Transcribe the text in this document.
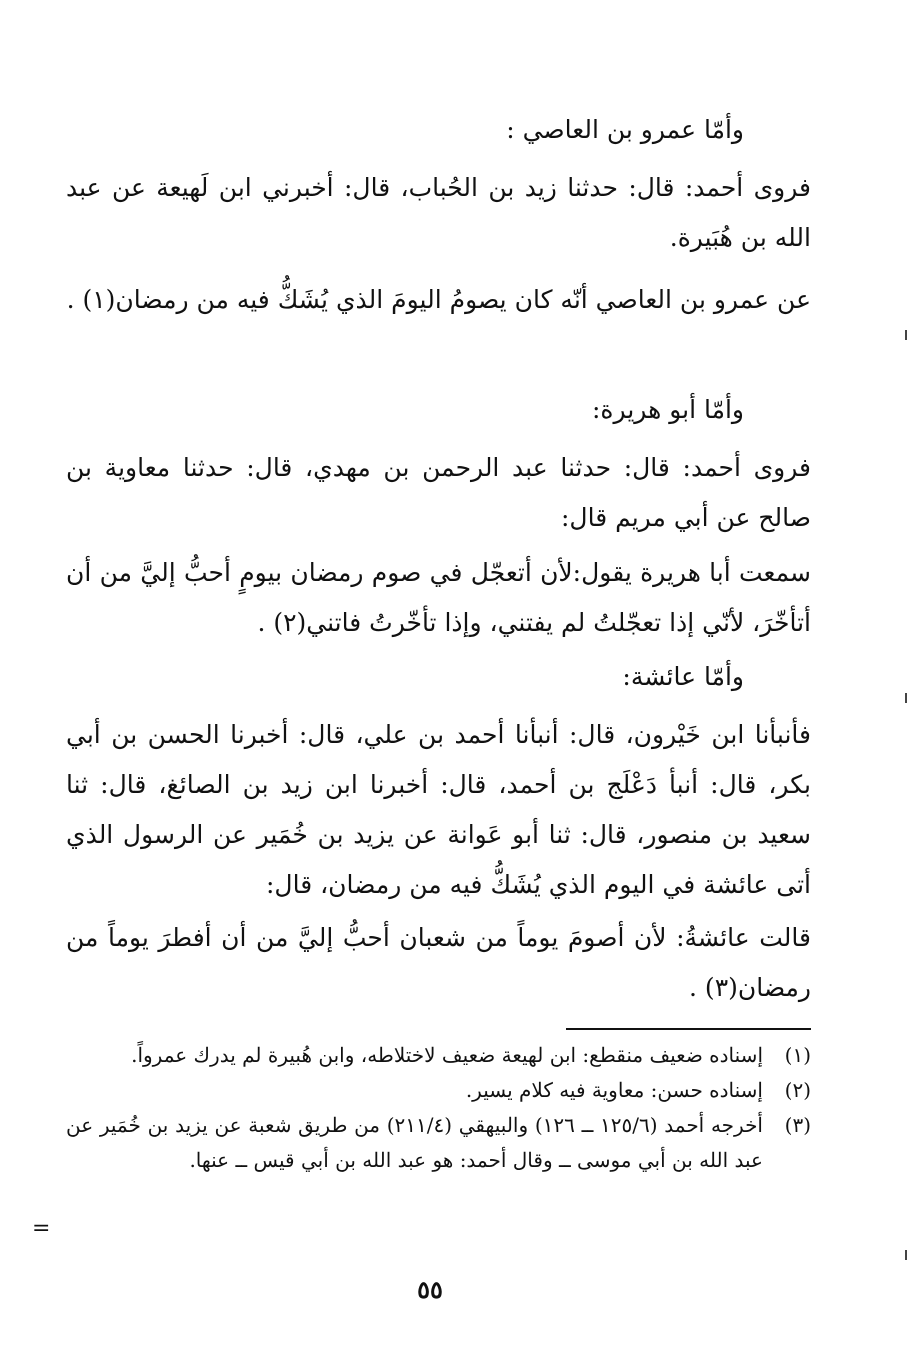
وأمّا عمرو بن العاصي :

فروى أحمد: قال: حدثنا زيد بن الحُباب، قال: أخبرني ابن لَهيعة عن عبد الله بن هُبَيرة.

عن عمرو بن العاصي أنّه كان يصومُ اليومَ الذي يُشَكُّ فيه من رمضان(١) .

وأمّا أبو هريرة:

فروى أحمد: قال: حدثنا عبد الرحمن بن مهدي، قال: حدثنا معاوية بن صالح عن أبي مريم قال:

سمعت أبا هريرة يقول:لأن أتعجّل في صوم رمضان بيومٍ أحبُّ إليَّ من أن أتأخّرَ، لأنّي إذا تعجّلتُ لم يفتني، وإذا تأخّرتُ فاتني(٢) .

وأمّا عائشة:

فأنبأنا ابن خَيْرون، قال: أنبأنا أحمد بن علي، قال: أخبرنا الحسن بن أبي بكر، قال: أنبأ دَعْلَج بن أحمد، قال: أخبرنا ابن زيد بن الصائغ، قال: ثنا سعيد بن منصور، قال: ثنا أبو عَوانة عن يزيد بن خُمَير عن الرسول الذي أتى عائشة في اليوم الذي يُشَكُّ فيه من رمضان، قال:

قالت عائشةُ: لأن أصومَ يوماً من شعبان أحبُّ إليَّ من أن أفطرَ يوماً من رمضان(٣) .

(١)
إسناده ضعيف منقطع: ابن لهيعة ضعيف لاختلاطه، وابن هُبيرة لم يدرك عمرواً.
(٢)
إسناده حسن: معاوية فيه كلام يسير.
(٣)
أخرجه أحمد (١٢٥/٦ ــ ١٢٦) والبيهقي (٢١١/٤) من طريق شعبة عن يزيد بن خُمَير عن عبد الله بن أبي موسى ــ وقال أحمد: هو عبد الله بن أبي قيس ــ عنها.
=
٥٥
